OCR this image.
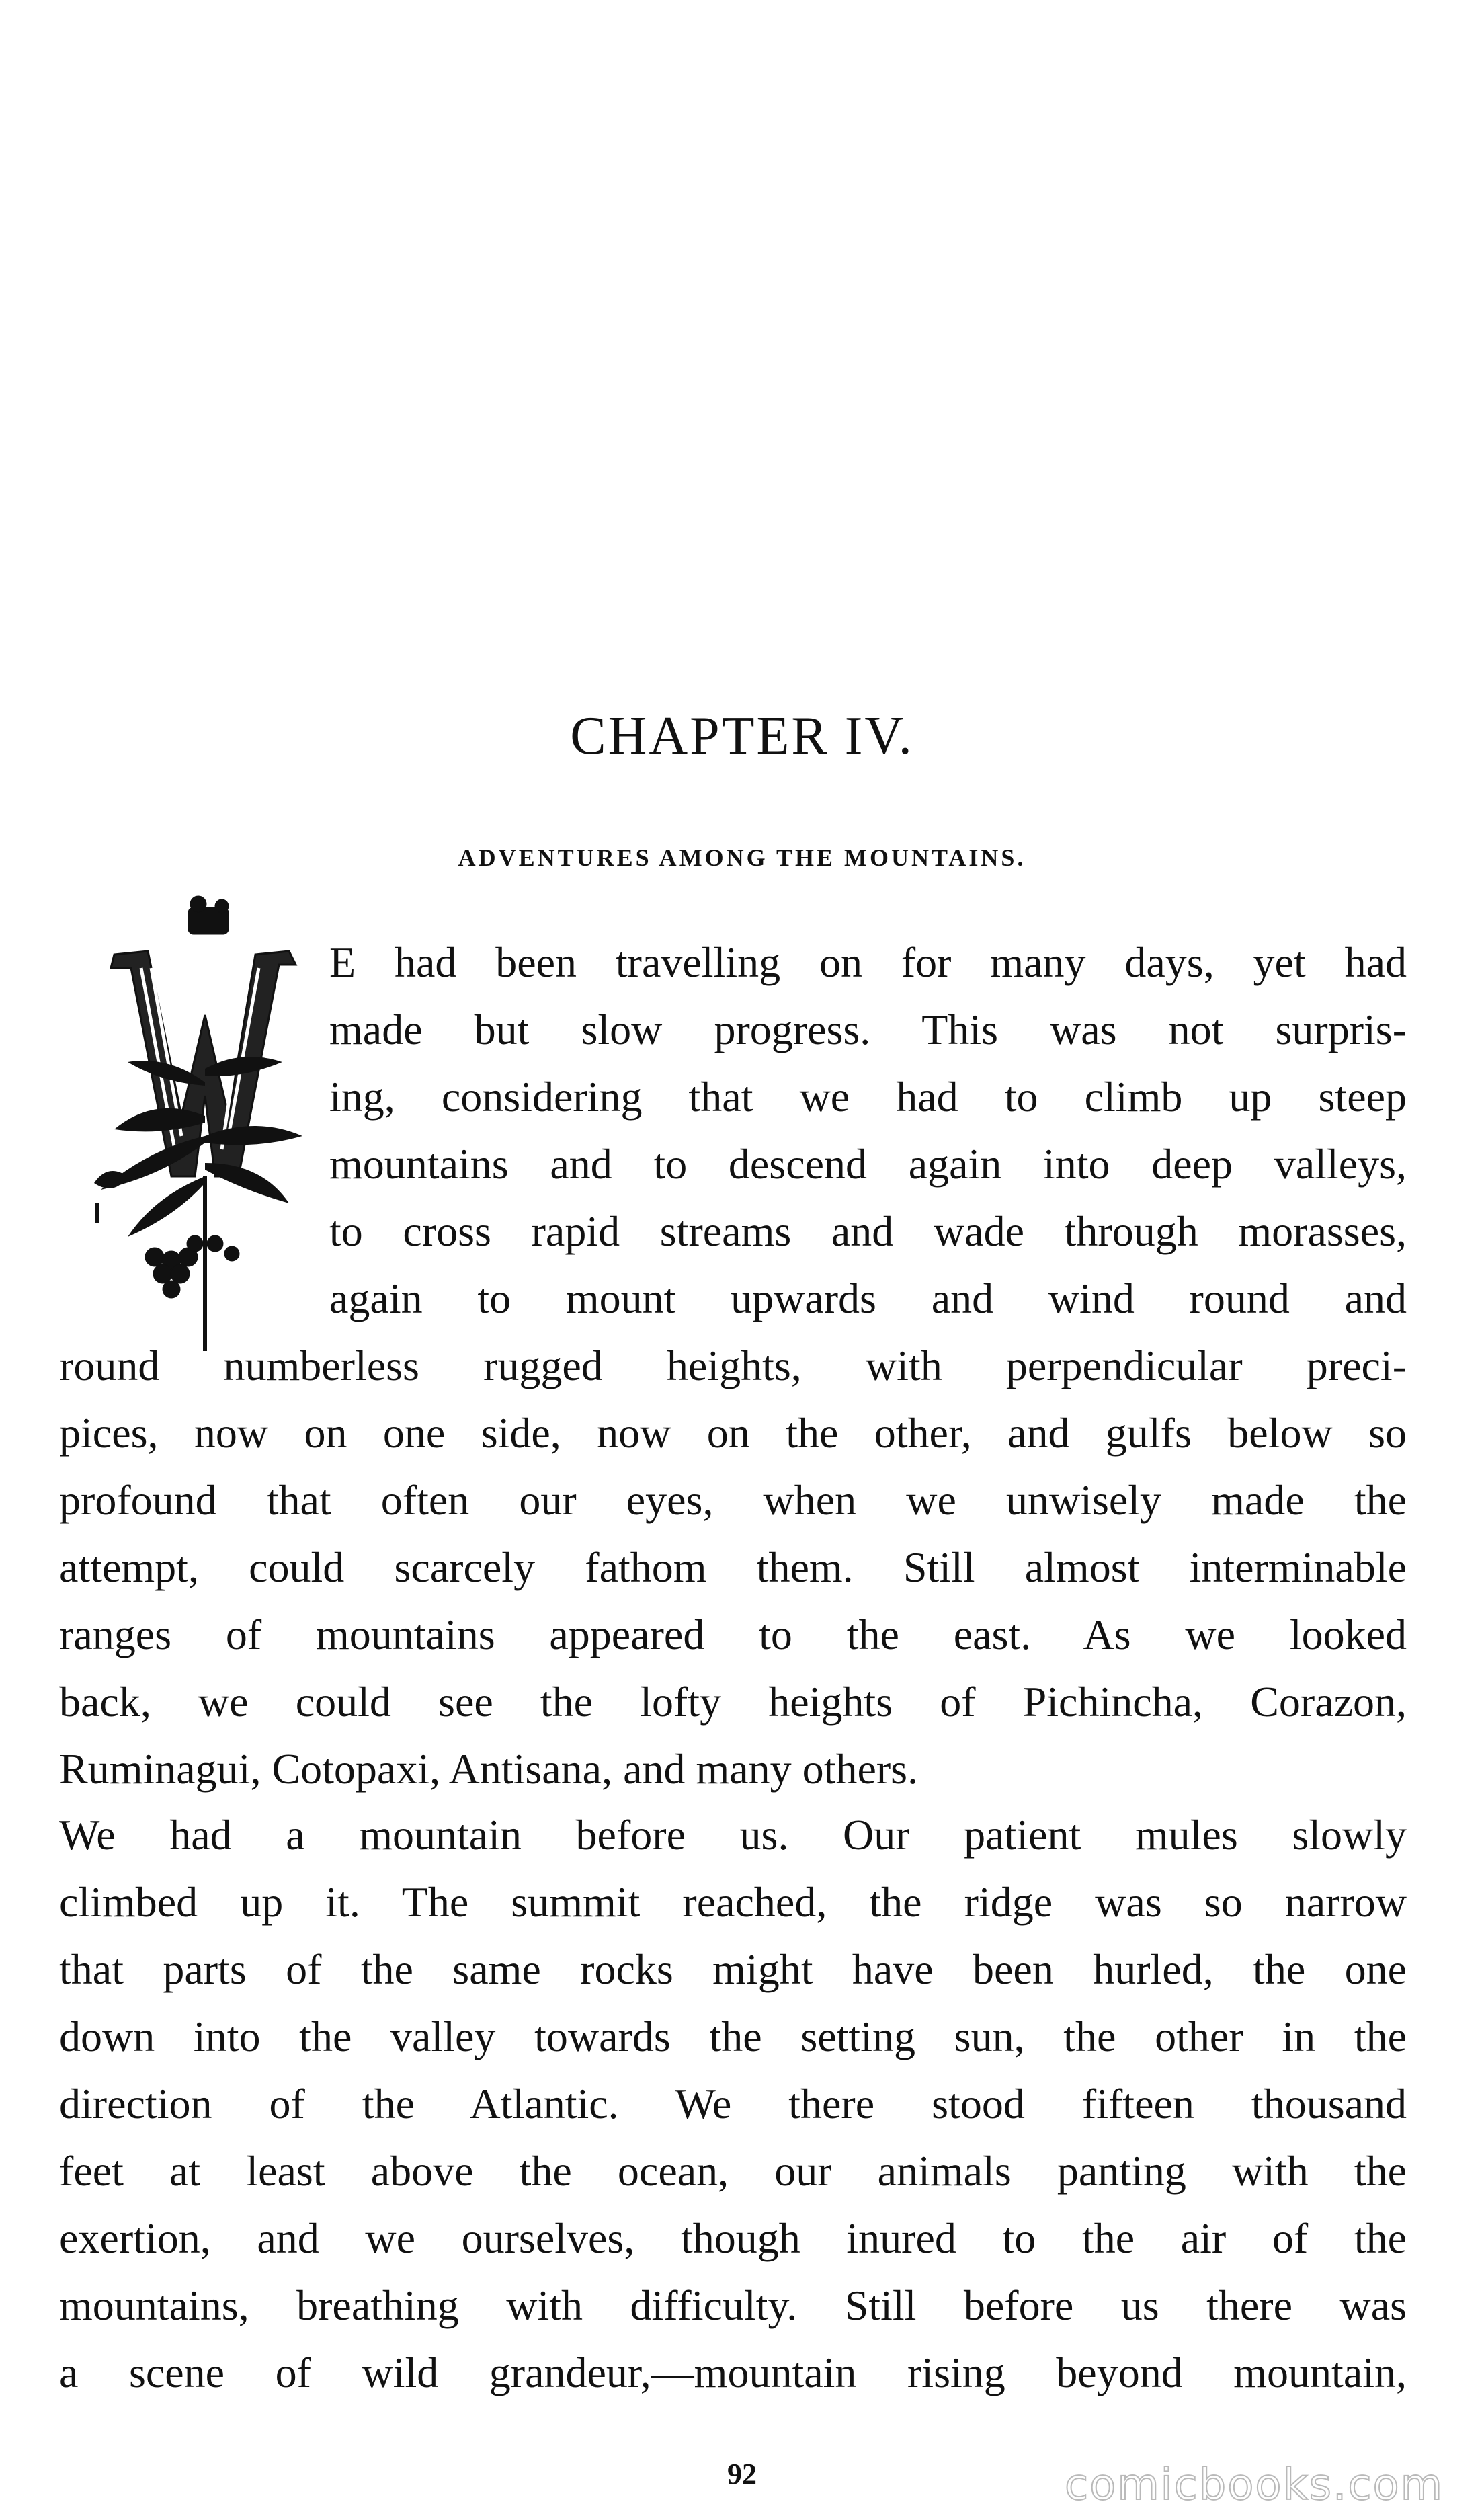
CHAPTER IV.
ADVENTURES AMONG THE MOUNTAINS.
E had been travelling on for many days, yet had
made but slow progress. This was not surpris-
ing, considering that we had to climb up steep
mountains and to descend again into deep valleys,
to cross rapid streams and wade through morasses,
again to mount upwards and wind round and
round numberless rugged heights, with perpendicular preci-
pices, now on one side, now on the other, and gulfs below so
profound that often our eyes, when we unwisely made the
attempt, could scarcely fathom them. Still almost interminable
ranges of mountains appeared to the east. As we looked
back, we could see the lofty heights of Pichincha, Corazon,
Ruminagui, Cotopaxi, Antisana, and many others.
We had a mountain before us. Our patient mules slowly
climbed up it. The summit reached, the ridge was so narrow
that parts of the same rocks might have been hurled, the one
down into the valley towards the setting sun, the other in the
direction of the Atlantic. We there stood fifteen thousand
feet at least above the ocean, our animals panting with the
exertion, and we ourselves, though inured to the air of the
mountains, breathing with difficulty. Still before us there was
a scene of wild grandeur,—mountain rising beyond mountain,
92	comicbooks.com
